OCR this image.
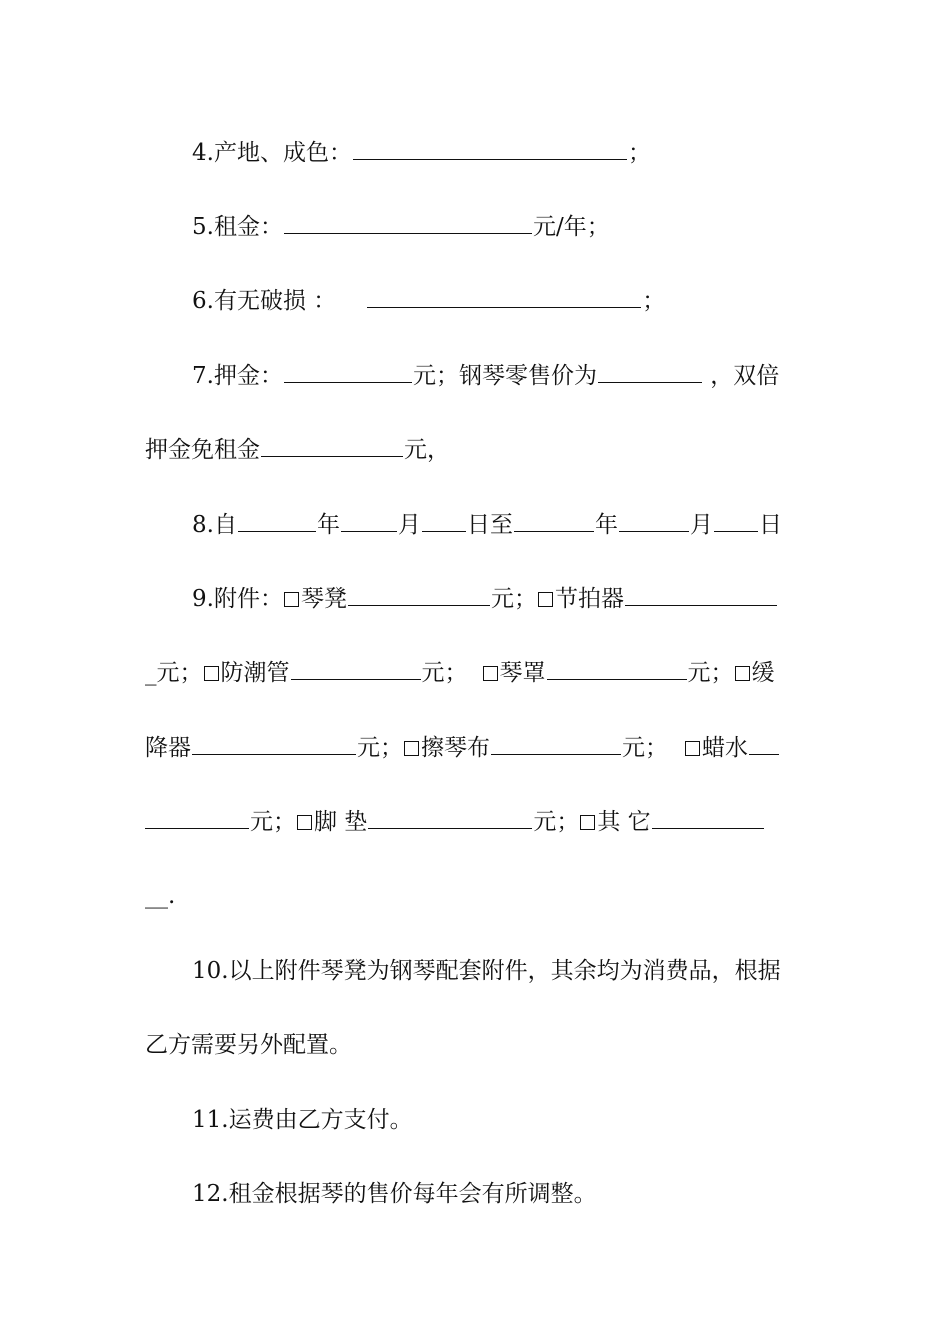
4.产地、成色：	；
5.租金：	元/年；
6.有无破损 ：	；
7.押金：	元；钢琴零售价为	，双倍
押金免租金	元，
8.自	年	月 日至	年	月 日
9.附件： 琴凳	元； 节拍器
_元； 防潮管	元； 琴罩	元； 缓
降器	元； 擦琴布	元； 蜡水
元； 脚 垫	元； 其 它
__.
10.以上附件琴凳为钢琴配套附件，其余均为消费品，根据
乙方需要另外配置。
11.运费由乙方支付。
12.租金根据琴的售价每年会有所调整。
